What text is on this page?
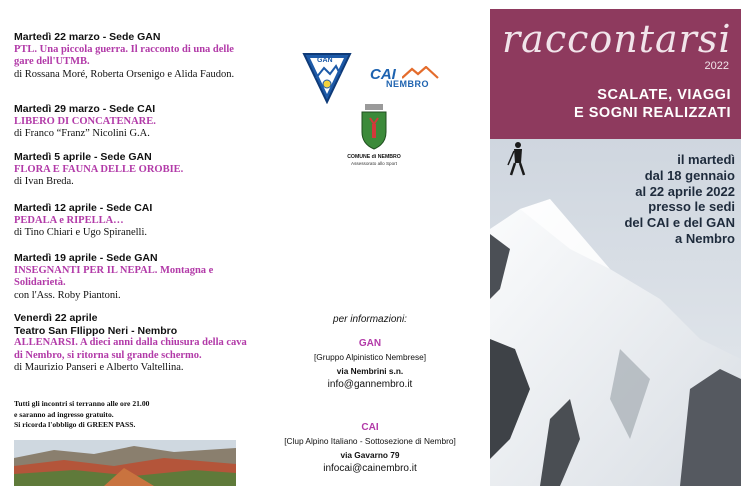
Martedì 22 marzo - Sede GAN
PTL. Una piccola guerra. Il racconto di una delle gare dell'UTMB.
di Rossana Moré, Roberta Orsenigo e Alida Faudon.
Martedì 29 marzo - Sede CAI
LIBERO DI CONCATENARE.
di Franco “Franz” Nicolini G.A.
Martedì 5 aprile - Sede GAN
FLORA E FAUNA DELLE OROBIE.
di Ivan Breda.
Martedì 12 aprile - Sede CAI
PEDALA e RIPELLA…
di Tino Chiari e Ugo Spiranelli.
Martedì 19 aprile - Sede GAN
INSEGNANTI PER IL NEPAL. Montagna e Solidarietà.
con l'Ass. Roby Piantoni.
Venerdì 22 aprile
Teatro San FIlippo Neri - Nembro
ALLENARSI. A dieci anni dalla chiusura della cava di Nembro, si ritorna sul grande schermo.
di Maurizio Panseri e Alberto Valtellina.
Tutti gli incontri si terranno alle ore 21.00
e saranno ad ingresso gratuito.
Si ricorda l'obbligo di GREEN PASS.
GAN
CAI
NEMBRO
COMUNE di NEMBRO
Assessorato allo Sport
per informazioni:
GAN
[Gruppo Alpinistico Nembrese]
via Nembrini s.n.
info@gannembro.it
CAI
[Clup Alpino Italiano - Sottosezione di Nembro]
via Gavarno 79
infocai@cainembro.it
raccontarsi
2022
SCALATE, VIAGGI
E SOGNI REALIZZATI
il martedì
dal 18 gennaio
al 22 aprile 2022
presso le sedi
del CAI e del GAN
a Nembro
